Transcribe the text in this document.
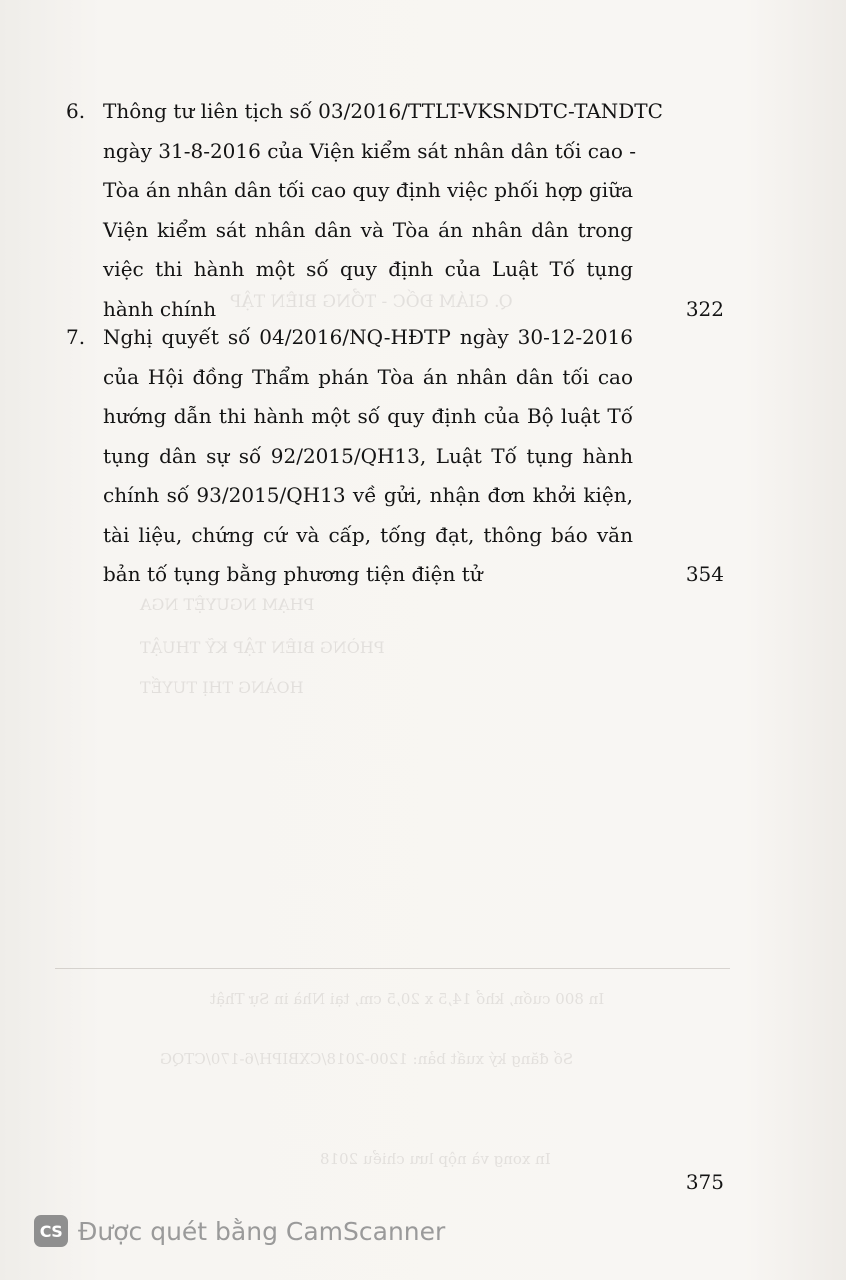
Q. GIÁM ĐỐC - TỔNG BIÊN TẬP
PHẠM NGUYỆT NGA
PHÒNG BIÊN TẬP KỸ THUẬT
HOÀNG THỊ TUYẾT
In 800 cuốn, khổ 14,5 x 20,5 cm, tại Nhà in Sự Thật
Số đăng ký xuất bản: 1200-2018/CXBIPH/6-170/CTQG
In xong và nộp lưu chiểu 2018
6. Thông tư liên tịch số 03/2016/TTLT-VKSNDTC-TANDTC
ngày 31-8-2016 của Viện kiểm sát nhân dân tối cao -
Tòa án nhân dân tối cao quy định việc phối hợp giữa
Viện kiểm sát nhân dân và Tòa án nhân dân trong
việc thi hành một số quy định của Luật Tố tụng
hành chính	322
7. Nghị quyết số 04/2016/NQ-HĐTP ngày 30-12-2016
của Hội đồng Thẩm phán Tòa án nhân dân tối cao
hướng dẫn thi hành một số quy định của Bộ luật Tố
tụng dân sự số 92/2015/QH13, Luật Tố tụng hành
chính số 93/2015/QH13 về gửi, nhận đơn khởi kiện,
tài liệu, chứng cứ và cấp, tống đạt, thông báo văn
bản tố tụng bằng phương tiện điện tử	354
375
CS Được quét bằng CamScanner
